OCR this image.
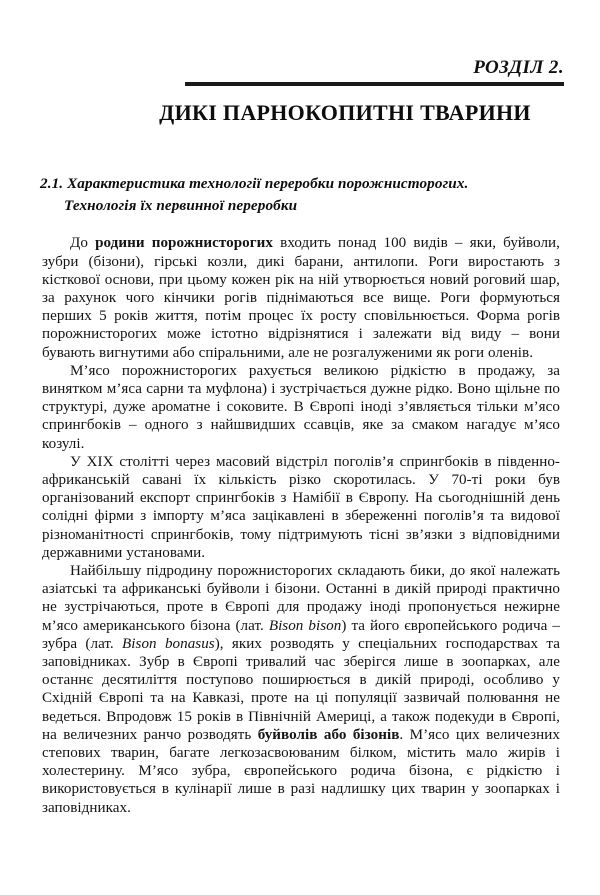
РОЗДІЛ 2.
ДИКІ ПАРНОКОПИТНІ ТВАРИНИ
2.1. Характеристика технології переробки порожнисторогих.
Технологія їх первинної переробки

До родини порожнисторогих входить понад 100 видів – яки, буйволи, зубри (бізони), гірські козли, дикі барани, антилопи. Роги виростають з кісткової основи, при цьому кожен рік на ній утворюється новий роговий шар, за рахунок чого кінчики рогів піднімаються все вище. Роги формуються перших 5 років життя, потім процес їх росту сповільнюється. Форма рогів порожнисторогих може істотно відрізнятися і залежати від виду – вони бувають вигнутими або спіральними, але не розгалуженими як роги оленів.

М’ясо порожнисторогих рахується великою рідкістю в продажу, за винятком м’яса сарни та муфлона) і зустрічається дужне рідко. Воно щільне по структурі, дуже ароматне і соковите. В Європі іноді з’являється тільки м’ясо спрингбоків – одного з найшвидших ссавців, яке за смаком нагадує м’ясо козулі.

У XIX столітті через масовий відстріл поголів’я спрингбоків в південно-африканській савані їх кількість різко скоротилась. У 70-ті роки був організований експорт спрингбоків з Намібії в Європу. На сьогоднішній день солідні фірми з імпорту м’яса зацікавлені в збереженні поголів’я та видової різноманітності спрингбоків, тому підтримують тісні зв’язки з відповідними державними установами.

Найбільшу підродину порожнисторогих складають бики, до якої належать азіатські та африканські буйволи і бізони. Останні в дикій природі практично не зустрічаються, проте в Європі для продажу іноді пропонується нежирне м’ясо американського бізона (лат. Bison bison) та його європейського родича – зубра (лат. Bison bonasus), яких розводять у спеціальних господарствах та заповідниках. Зубр в Європі тривалий час зберігся лише в зоопарках, але останнє десятиліття поступово поширюється в дикій природі, особливо у Східній Європі та на Кавказі, проте на ці популяції зазвичай полювання не ведеться. Впродовж 15 років в Північній Америці, а також подекуди в Європі, на величезних ранчо розводять буйволів або бізонів. М’ясо цих величезних степових тварин, багате легкозасвоюваним білком, містить мало жирів і холестерину. М’ясо зубра, європейського родича бізона, є рідкістю і використовується в кулінарії лише в разі надлишку цих тварин у зоопарках і заповідниках.
